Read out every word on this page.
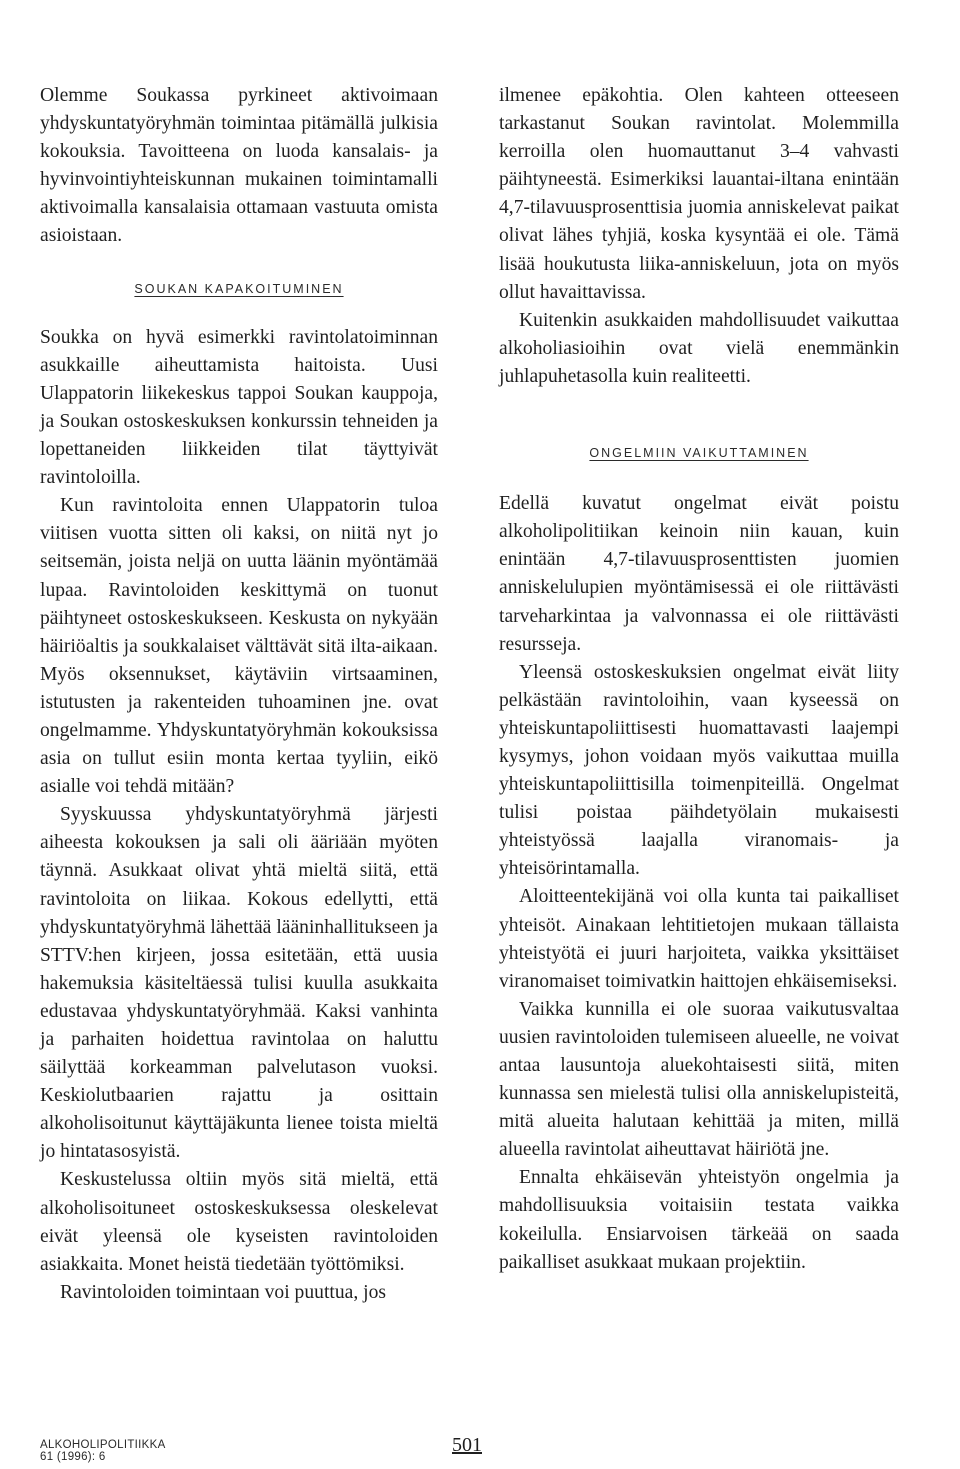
Olemme Soukassa pyrkineet aktivoimaan yhdyskuntatyöryhmän toimintaa pitämällä julkisia kokouksia. Tavoitteena on luoda kansalais- ja hyvinvointiyhteiskunnan mukainen toimintamalli aktivoimalla kansalaisia ottamaan vastuuta omista asioistaan.

SOUKAN KAPAKOITUMINEN

Soukka on hyvä esimerkki ravintolatoiminnan asukkaille aiheuttamista haitoista. Uusi Ulappatorin liikekeskus tappoi Soukan kauppoja, ja Soukan ostoskeskuksen konkurssin tehneiden ja lopettaneiden liikkeiden tilat täyttyivät ravintoloilla.

Kun ravintoloita ennen Ulappatorin tuloa viitisen vuotta sitten oli kaksi, on niitä nyt jo seitsemän, joista neljä on uutta läänin myöntämää lupaa. Ravintoloiden keskittymä on tuonut päihtyneet ostoskeskukseen. Keskusta on nykyään häiriöaltis ja soukkalaiset välttävät sitä ilta-aikaan. Myös oksennukset, käytäviin virtsaaminen, istutusten ja rakenteiden tuhoaminen jne. ovat ongelmamme. Yhdyskuntatyöryhmän kokouksissa asia on tullut esiin monta kertaa tyyliin, eikö asialle voi tehdä mitään?

Syyskuussa yhdyskuntatyöryhmä järjesti aiheesta kokouksen ja sali oli ääriään myöten täynnä. Asukkaat olivat yhtä mieltä siitä, että ravintoloita on liikaa. Kokous edellytti, että yhdyskuntatyöryhmä lähettää lääninhallitukseen ja STTV:hen kirjeen, jossa esitetään, että uusia hakemuksia käsiteltäessä tulisi kuulla asukkaita edustavaa yhdyskuntatyöryhmää. Kaksi vanhinta ja parhaiten hoidettua ravintolaa on haluttu säilyttää korkeamman palvelutason vuoksi. Keskiolutbaarien rajattu ja osittain alkoholisoitunut käyttäjäkunta lienee toista mieltä jo hintatasosyistä.

Keskustelussa oltiin myös sitä mieltä, että alkoholisoituneet ostoskeskuksessa oleskelevat eivät yleensä ole kyseisten ravintoloiden asiakkaita. Monet heistä tiedetään työttömiksi.

Ravintoloiden toimintaan voi puuttua, jos

ilmenee epäkohtia. Olen kahteen otteeseen tarkastanut Soukan ravintolat. Molemmilla kerroilla olen huomauttanut 3–4 vahvasti päihtyneestä. Esimerkiksi lauantai-iltana enintään 4,7-tilavuusprosenttisia juomia anniskelevat paikat olivat lähes tyhjiä, koska kysyntää ei ole. Tämä lisää houkutusta liika-anniskeluun, jota on myös ollut havaittavissa.

Kuitenkin asukkaiden mahdollisuudet vaikuttaa alkoholiasioihin ovat vielä enemmänkin juhlapuhetasolla kuin realiteetti.

ONGELMIIN VAIKUTTAMINEN

Edellä kuvatut ongelmat eivät poistu alkoholipolitiikan keinoin niin kauan, kuin enintään 4,7-tilavuusprosenttisten juomien anniskelulupien myöntämisessä ei ole riittävästi tarveharkintaa ja valvonnassa ei ole riittävästi resursseja.

Yleensä ostoskeskuksien ongelmat eivät liity pelkästään ravintoloihin, vaan kyseessä on yhteiskuntapoliittisesti huomattavasti laajempi kysymys, johon voidaan myös vaikuttaa muilla yhteiskuntapoliittisilla toimenpiteillä. Ongelmat tulisi poistaa päihdetyölain mukaisesti yhteistyössä laajalla viranomais- ja yhteisörintamalla.

Aloitteentekijänä voi olla kunta tai paikalliset yhteisöt. Ainakaan lehtitietojen mukaan tällaista yhteistyötä ei juuri harjoiteta, vaikka yksittäiset viranomaiset toimivatkin haittojen ehkäisemiseksi.

Vaikka kunnilla ei ole suoraa vaikutusvaltaa uusien ravintoloiden tulemiseen alueelle, ne voivat antaa lausuntoja aluekohtaisesti siitä, miten kunnassa sen mielestä tulisi olla anniskelupisteitä, mitä alueita halutaan kehittää ja miten, millä alueella ravintolat aiheuttavat häiriötä jne.

Ennalta ehkäisevän yhteistyön ongelmia ja mahdollisuuksia voitaisiin testata vaikka kokeilulla. Ensiarvoisen tärkeää on saada paikalliset asukkaat mukaan projektiin.

ALKOHOLIPOLITIIKKA
61 (1996): 6
501
